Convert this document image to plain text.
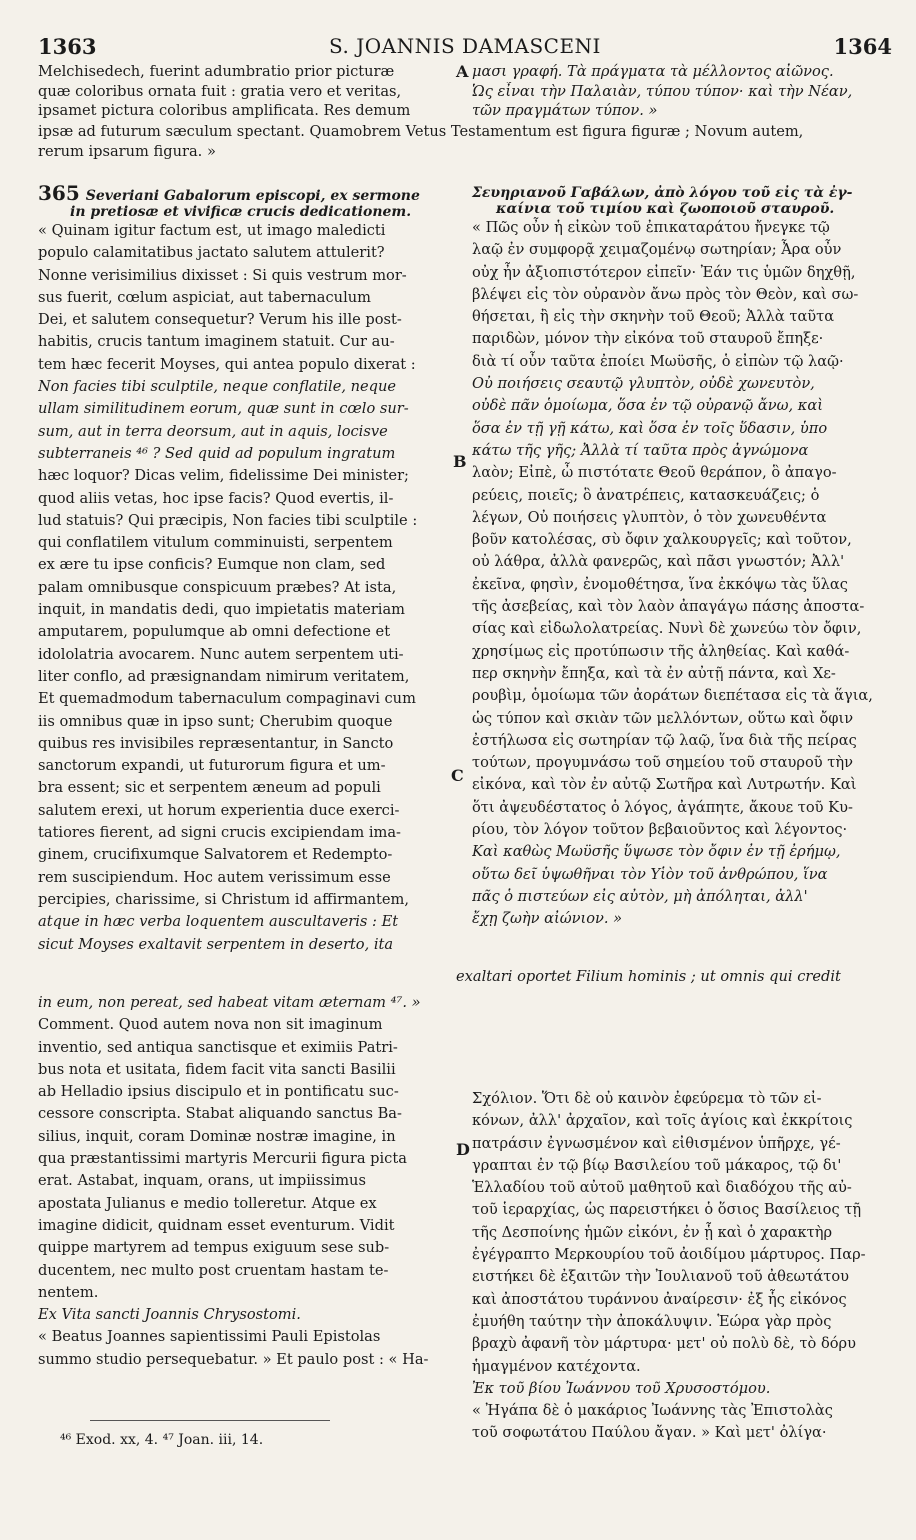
1363	S. JOANNIS DAMASCENI	1364
Melchisedech, fuerint adumbratio prior picturæ
quæ coloribus ornata fuit : gratia vero et veritas,
ipsamet pictura coloribus amplificata. Res demum
A μασι γραφή. Τὰ πράγματα τὰ μέλλοντος αἰῶνος.
Ὡς εἶναι τὴν Παλαιὰν, τύπου τύπον· καὶ τὴν Νέαν,
τῶν πραγμάτων τύπον. »
ipsæ ad futurum sæculum spectant. Quamobrem Vetus Testamentum est figura figuræ ; Novum autem,
rerum ipsarum figura. »
365 Severiani Gabalorum episcopi, ex sermone
in pretiosæ et vivificæ crucis dedicationem.
« Quinam igitur factum est, ut imago maledicti
populo calamitatibus jactato salutem attulerit?
Nonne verisimilius dixisset : Si quis vestrum mor-
sus fuerit, cœlum aspiciat, aut tabernaculum
Dei, et salutem consequetur? Verum his ille post-
habitis, crucis tantum imaginem statuit. Cur au-
tem hæc fecerit Moyses, qui antea populo dixerat :
Non facies tibi sculptile, neque conflatile, neque
ullam similitudinem eorum, quæ sunt in cœlo sur-
sum, aut in terra deorsum, aut in aquis, locisve
subterraneis ⁴⁶ ? Sed quid ad populum ingratum
hæc loquor? Dicas velim, fidelissime Dei minister;
quod aliis vetas, hoc ipse facis? Quod evertis, il-
lud statuis? Qui præcipis, Non facies tibi sculptile :
qui conflatilem vitulum comminuisti, serpentem
ex ære tu ipse conficis? Eumque non clam, sed
palam omnibusque conspicuum præbes? At ista,
inquit, in mandatis dedi, quo impietatis materiam
amputarem, populumque ab omni defectione et
idololatria avocarem. Nunc autem serpentem uti-
liter conflo, ad præsignandam nimirum veritatem,
Et quemadmodum tabernaculum compaginavi cum
iis omnibus quæ in ipso sunt; Cherubim quoque
quibus res invisibiles repræsentantur, in Sancto
sanctorum expandi, ut futurorum figura et um-
bra essent; sic et serpentem æneum ad populi
salutem erexi, ut horum experientia duce exerci-
tatiores fierent, ad signi crucis excipiendam ima-
ginem, crucifixumque Salvatorem et Redempto-
rem suscipiendum. Hoc autem verissimum esse
percipies, charissime, si Christum id affirmantem,
atque in hæc verba loquentem auscultaveris : Et
sicut Moyses exaltavit serpentem in deserto, ita
Σευηριανοῦ Γαβάλων, ἀπὸ λόγου τοῦ εἰς τὰ ἐγ-
καίνια τοῦ τιμίου καὶ ζωοποιοῦ σταυροῦ.
« Πῶς οὖν ἡ εἰκὼν τοῦ ἐπικαταράτου ἤνεγκε τῷ
λαῷ ἐν συμφορᾷ χειμαζομένῳ σωτηρίαν; Ἆρα οὖν
οὐχ ἦν ἀξιοπιστότερον εἰπεῖν· Ἐάν τις ὑμῶν δηχθῇ,
βλέψει εἰς τὸν οὐρανὸν ἄνω πρὸς τὸν Θεὸν, καὶ σω-
θήσεται, ἢ εἰς τὴν σκηνὴν τοῦ Θεοῦ; Ἀλλὰ ταῦτα
παριδὼν, μόνον τὴν εἰκόνα τοῦ σταυροῦ ἔπηξε·
διὰ τί οὖν ταῦτα ἐποίει Μωϋσῆς, ὁ εἰπὼν τῷ λαῷ·
Οὐ ποιήσεις σεαυτῷ γλυπτὸν, οὐδὲ χωνευτὸν,
οὐδὲ πᾶν ὁμοίωμα, ὅσα ἐν τῷ οὐρανῷ ἄνω, καὶ
ὅσα ἐν τῇ γῇ κάτω, καὶ ὅσα ἐν τοῖς ὕδασιν, ὑπο
κάτω τῆς γῆς; Ἀλλὰ τί ταῦτα πρὸς ἀγνώμονα
λαὸν; Εἰπὲ, ὦ πιστότατε Θεοῦ θεράπον, ὃ ἀπαγο-
ρεύεις, ποιεῖς; ὃ ἀνατρέπεις, κατασκευάζεις; ὁ
λέγων, Οὐ ποιήσεις γλυπτὸν, ὁ τὸν χωνευθέντα
βοῦν κατολέσας, σὺ ὄφιν χαλκουργεῖς; καὶ τοῦτον,
οὐ λάθρα, ἀλλὰ φανερῶς, καὶ πᾶσι γνωστόν; Ἀλλ'
ἐκεῖνα, φησὶν, ἐνομοθέτησα, ἵνα ἐκκόψω τὰς ὕλας
τῆς ἀσεβείας, καὶ τὸν λαὸν ἀπαγάγω πάσης ἀποστα-
σίας καὶ εἰδωλολατρείας. Νυνὶ δὲ χωνεύω τὸν ὄφιν,
χρησίμως εἰς προτύπωσιν τῆς ἀληθείας. Καὶ καθά-
περ σκηνὴν ἔπηξα, καὶ τὰ ἐν αὐτῇ πάντα, καὶ Χε-
ρουβὶμ, ὁμοίωμα τῶν ἀοράτων διεπέτασα εἰς τὰ ἅγια,
ὡς τύπον καὶ σκιὰν τῶν μελλόντων, οὕτω καὶ ὄφιν
ἐστήλωσα εἰς σωτηρίαν τῷ λαῷ, ἵνα διὰ τῆς πείρας
τούτων, προγυμνάσω τοῦ σημείου τοῦ σταυροῦ τὴν
εἰκόνα, καὶ τὸν ἐν αὐτῷ Σωτῆρα καὶ Λυτρωτήν. Καὶ
ὅτι ἀψευδέστατος ὁ λόγος, ἀγάπητε, ἄκουε τοῦ Κυ-
ρίου, τὸν λόγον τοῦτον βεβαιοῦντος καὶ λέγοντος·
Καὶ καθὼς Μωϋσῆς ὕψωσε τὸν ὄφιν ἐν τῇ ἐρήμῳ,
οὕτω δεῖ ὑψωθῆναι τὸν Υἱὸν τοῦ ἀνθρώπου, ἵνα
πᾶς ὁ πιστεύων εἰς αὐτὸν, μὴ ἀπόληται, ἀλλ'
ἔχῃ ζωὴν αἰώνιον. »
B
C
D
exaltari oportet Filium hominis ; ut omnis qui credit
in eum, non pereat, sed habeat vitam æternam ⁴⁷. »
Comment. Quod autem nova non sit imaginum
inventio, sed antiqua sanctisque et eximiis Patri-
bus nota et usitata, fidem facit vita sancti Basilii
ab Helladio ipsius discipulo et in pontificatu suc-
cessore conscripta. Stabat aliquando sanctus Ba-
silius, inquit, coram Dominæ nostræ imagine, in
qua præstantissimi martyris Mercurii figura picta
erat. Astabat, inquam, orans, ut impiissimus
apostata Julianus e medio tolleretur. Atque ex
imagine didicit, quidnam esset eventurum. Vidit
quippe martyrem ad tempus exiguum sese sub-
ducentem, nec multo post cruentam hastam te-
nentem.
Ex Vita sancti Joannis Chrysostomi.
« Beatus Joannes sapientissimi Pauli Epistolas
summo studio persequebatur. » Et paulo post : « Ha-
Σχόλιον. Ὅτι δὲ οὐ καινὸν ἐφεύρεμα τὸ τῶν εἰ-
κόνων, ἀλλ' ἀρχαῖον, καὶ τοῖς ἁγίοις καὶ ἐκκρίτοις
πατράσιν ἐγνωσμένον καὶ εἰθισμένον ὑπῆρχε, γέ-
γραπται ἐν τῷ βίῳ Βασιλείου τοῦ μάκαρος, τῷ δι'
Ἑλλαδίου τοῦ αὐτοῦ μαθητοῦ καὶ διαδόχου τῆς αὐ-
τοῦ ἱεραρχίας, ὡς παρειστήκει ὁ ὅσιος Βασίλειος τῇ
τῆς Δεσποίνης ἡμῶν εἰκόνι, ἐν ᾗ καὶ ὁ χαρακτὴρ
ἐγέγραπτο Μερκουρίου τοῦ ἀοιδίμου μάρτυρος. Παρ-
ειστήκει δὲ ἐξαιτῶν τὴν Ἰουλιανοῦ τοῦ ἀθεωτάτου
καὶ ἀποστάτου τυράννου ἀναίρεσιν· ἐξ ἧς εἰκόνος
ἐμυήθη ταύτην τὴν ἀποκάλυψιν. Ἑώρα γὰρ πρὸς
βραχὺ ἀφανῆ τὸν μάρτυρα· μετ' οὐ πολὺ δὲ, τὸ δόρυ
ἡμαγμένον κατέχοντα.
Ἐκ τοῦ βίου Ἰωάννου τοῦ Χρυσοστόμου.
« Ἠγάπα δὲ ὁ μακάριος Ἰωάννης τὰς Ἐπιστολὰς
τοῦ σοφωτάτου Παύλου ἄγαν. » Καὶ μετ' ὀλίγα·
⁴⁶ Exod. xx, 4. ⁴⁷ Joan. iii, 14.
